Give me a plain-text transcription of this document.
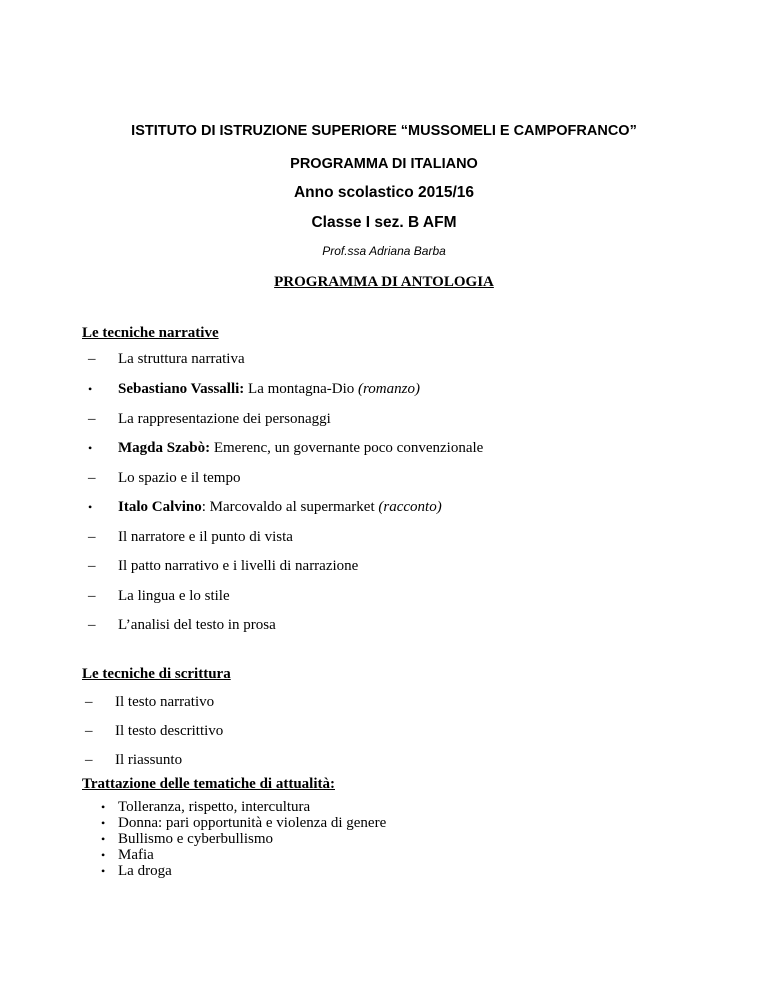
ISTITUTO DI ISTRUZIONE SUPERIORE “MUSSOMELI E CAMPOFRANCO”
PROGRAMMA DI ITALIANO
Anno scolastico 2015/16
Classe I sez. B AFM
Prof.ssa Adriana Barba
PROGRAMMA DI ANTOLOGIA
Le tecniche narrative
–	La struttura narrativa
•	Sebastiano Vassalli: La montagna-Dio (romanzo)
–	La rappresentazione dei personaggi
•	Magda Szabò: Emerenc, un governante poco convenzionale
–	Lo spazio e il tempo
•	Italo Calvino: Marcovaldo al supermarket (racconto)
–	Il narratore e il punto di vista
–	Il patto narrativo e i livelli di narrazione
–	La lingua e lo stile
–	L’analisi del testo in prosa
Le tecniche di scrittura
–	Il testo narrativo
–	Il testo descrittivo
–	Il riassunto
Trattazione delle tematiche di attualità:
• Tolleranza, rispetto, intercultura
• Donna: pari opportunità e violenza di genere
• Bullismo e cyberbullismo
• Mafia
• La droga
